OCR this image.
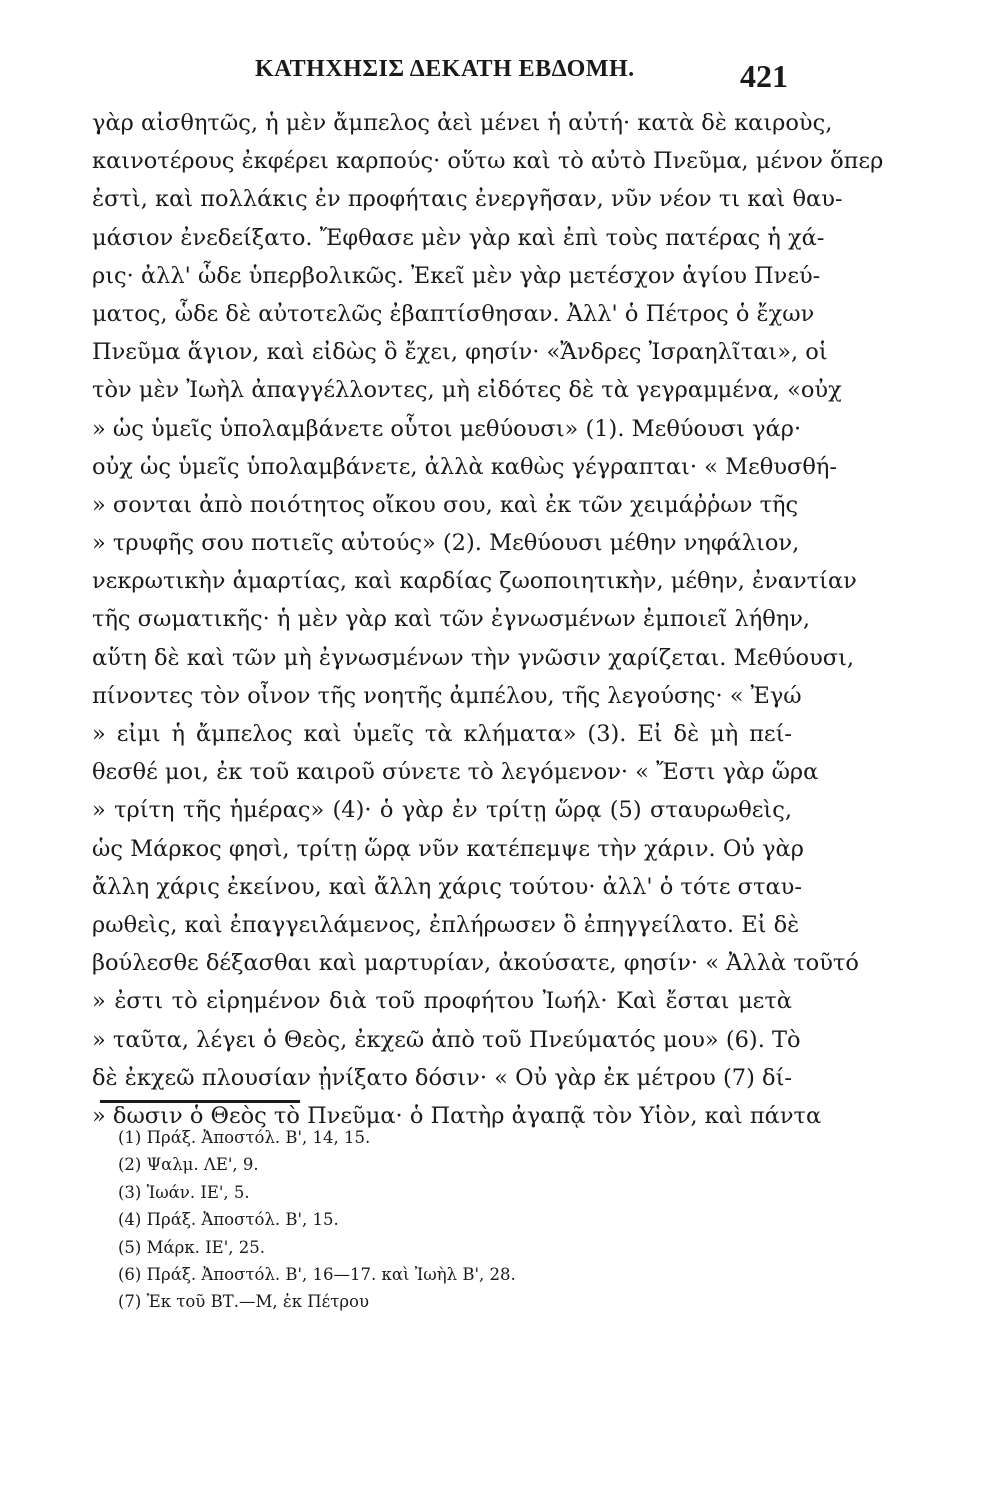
ΚΑΤΗΧΗΣΙΣ ΔΕΚΑΤΗ ΕΒΔΟΜΗ.	421
γὰρ αἰσθητῶς, ἡ μὲν ἄμπελος ἀεὶ μένει ἡ αὐτή· κατὰ δὲ καιροὺς,
καινοτέρους ἐκφέρει καρπούς· οὕτω καὶ τὸ αὐτὸ Πνεῦμα, μένον ὅπερ
ἐστὶ, καὶ πολλάκις ἐν προφήταις ἐνεργῆσαν, νῦν νέον τι καὶ θαυ-
μάσιον ἐνεδείξατο. Ἔφθασε μὲν γὰρ καὶ ἐπὶ τοὺς πατέρας ἡ χά-
ρις· ἀλλ' ὧδε ὑπερβολικῶς. Ἐκεῖ μὲν γὰρ μετέσχον ἁγίου Πνεύ-
ματος, ὧδε δὲ αὐτοτελῶς ἐβαπτίσθησαν. Ἀλλ' ὁ Πέτρος ὁ ἔχων
Πνεῦμα ἅγιον, καὶ εἰδὼς ὃ ἔχει, φησίν· «Ἄνδρες Ἰσραηλῖται», οἱ
τὸν μὲν Ἰωὴλ ἀπαγγέλλοντες, μὴ εἰδότες δὲ τὰ γεγραμμένα, «οὐχ
» ὡς ὑμεῖς ὑπολαμβάνετε οὗτοι μεθύουσι» (1). Μεθύουσι γάρ·
οὐχ ὡς ὑμεῖς ὑπολαμβάνετε, ἀλλὰ καθὼς γέγραπται· « Μεθυσθή-
» σονται ἀπὸ ποιότητος οἴκου σου, καὶ ἐκ τῶν χειμάῤῥων τῆς
» τρυφῆς σου ποτιεῖς αὐτούς» (2). Μεθύουσι μέθην νηφάλιον,
νεκρωτικὴν ἁμαρτίας, καὶ καρδίας ζωοποιητικὴν, μέθην, ἐναντίαν
τῆς σωματικῆς· ἡ μὲν γὰρ καὶ τῶν ἐγνωσμένων ἐμποιεῖ λήθην,
αὕτη δὲ καὶ τῶν μὴ ἐγνωσμένων τὴν γνῶσιν χαρίζεται. Μεθύουσι,
πίνοντες τὸν οἶνον τῆς νοητῆς ἀμπέλου, τῆς λεγούσης· « Ἐγώ
» εἰμι ἡ ἄμπελος καὶ ὑμεῖς τὰ κλήματα» (3). Εἰ δὲ μὴ πεί-
θεσθέ μοι, ἐκ τοῦ καιροῦ σύνετε τὸ λεγόμενον· « Ἔστι γὰρ ὥρα
» τρίτη τῆς ἡμέρας» (4)· ὁ γὰρ ἐν τρίτῃ ὥρᾳ (5) σταυρωθεὶς,
ὡς Μάρκος φησὶ, τρίτῃ ὥρᾳ νῦν κατέπεμψε τὴν χάριν. Οὐ γὰρ
ἄλλη χάρις ἐκείνου, καὶ ἄλλη χάρις τούτου· ἀλλ' ὁ τότε σταυ-
ρωθεὶς, καὶ ἐπαγγειλάμενος, ἐπλήρωσεν ὃ ἐπηγγείλατο. Εἰ δὲ
βούλεσθε δέξασθαι καὶ μαρτυρίαν, ἀκούσατε, φησίν· « Ἀλλὰ τοῦτό
» ἐστι τὸ εἰρημένον διὰ τοῦ προφήτου Ἰωήλ· Καὶ ἔσται μετὰ
» ταῦτα, λέγει ὁ Θεὸς, ἐκχεῶ ἀπὸ τοῦ Πνεύματός μου» (6). Τὸ
δὲ ἐκχεῶ πλουσίαν ᾐνίξατο δόσιν· « Οὐ γὰρ ἐκ μέτρου (7) δί-
» δωσιν ὁ Θεὸς τὸ Πνεῦμα· ὁ Πατὴρ ἀγαπᾷ τὸν Υἱὸν, καὶ πάντα
(1) Πράξ. Ἀποστόλ. Β', 14, 15.
(2) Ψαλμ. ΛΕ', 9.
(3) Ἰωάν. ΙΕ', 5.
(4) Πράξ. Ἀποστόλ. Β', 15.
(5) Μάρκ. ΙΕ', 25.
(6) Πράξ. Ἀποστόλ. Β', 16—17. καὶ Ἰωὴλ Β', 28.
(7) Ἐκ τοῦ ΒΤ.—Μ, ἐκ Πέτρου
